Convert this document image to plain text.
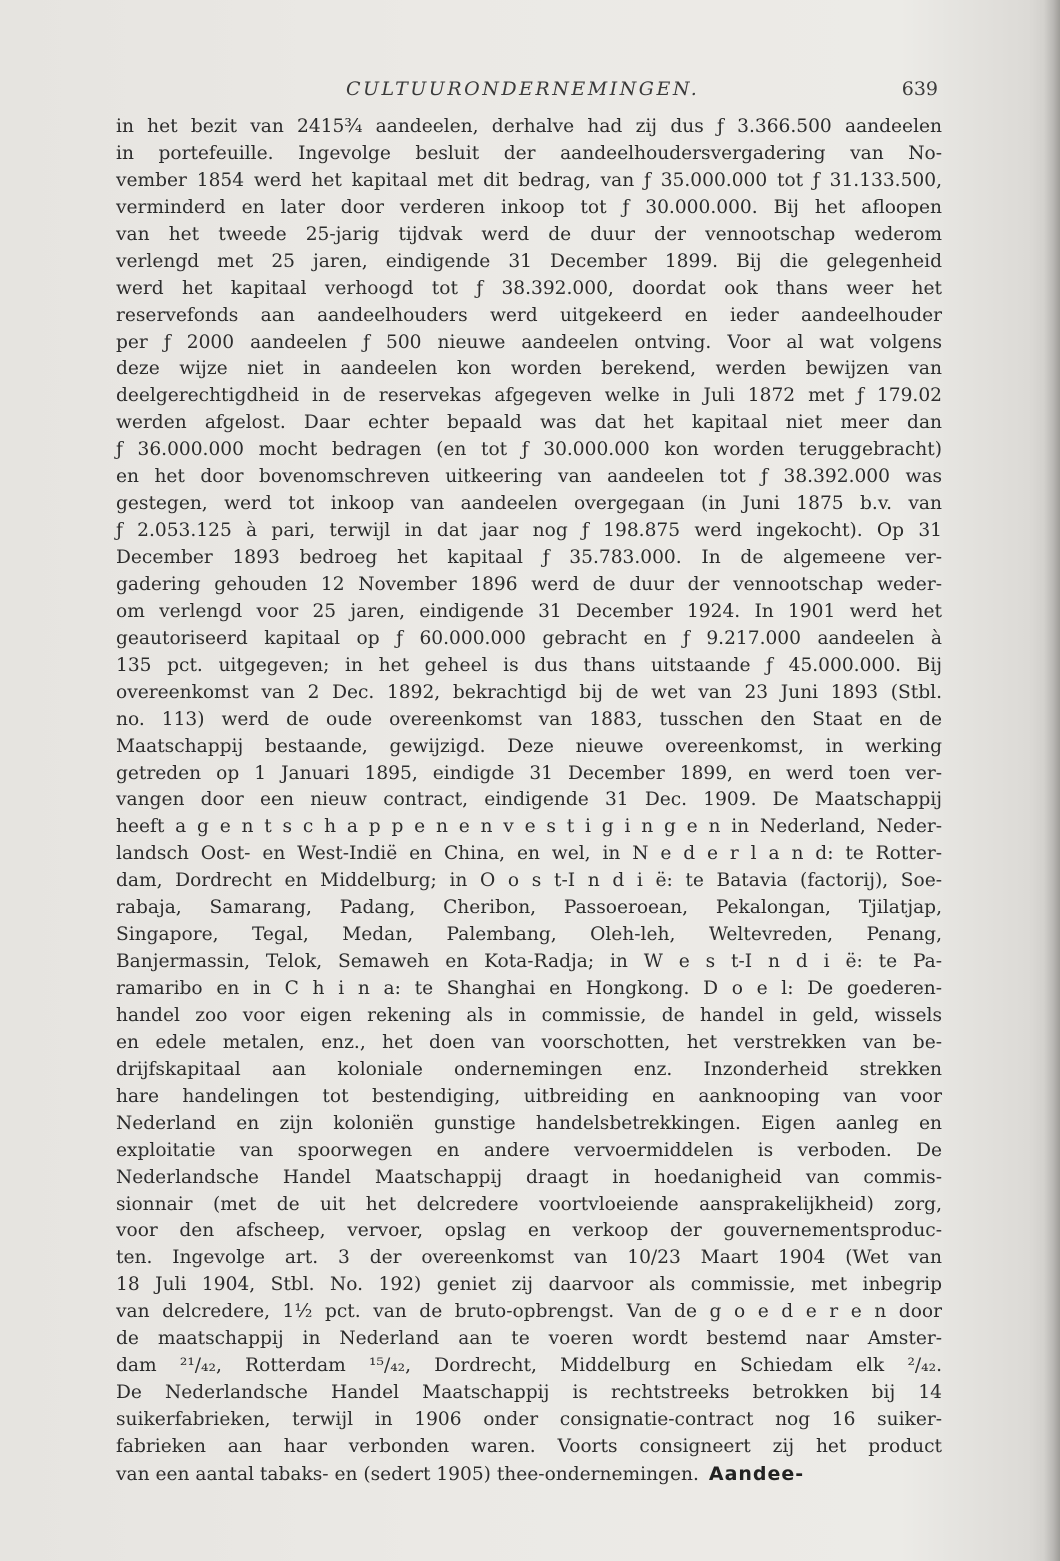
CULTUURONDERNEMINGEN.	639
in het bezit van 2415¾ aandeelen, derhalve had zij dus ƒ 3.366.500 aandeelen
in portefeuille. Ingevolge besluit der aandeelhoudersvergadering van No-
vember 1854 werd het kapitaal met dit bedrag, van ƒ 35.000.000 tot ƒ 31.133.500,
verminderd en later door verderen inkoop tot ƒ 30.000.000. Bij het afloopen
van het tweede 25-jarig tijdvak werd de duur der vennootschap wederom
verlengd met 25 jaren, eindigende 31 December 1899. Bij die gelegenheid
werd het kapitaal verhoogd tot ƒ 38.392.000, doordat ook thans weer het
reservefonds aan aandeelhouders werd uitgekeerd en ieder aandeelhouder
per ƒ 2000 aandeelen ƒ 500 nieuwe aandeelen ontving. Voor al wat volgens
deze wijze niet in aandeelen kon worden berekend, werden bewijzen van
deelgerechtigdheid in de reservekas afgegeven welke in Juli 1872 met ƒ 179.02
werden afgelost. Daar echter bepaald was dat het kapitaal niet meer dan
ƒ 36.000.000 mocht bedragen (en tot ƒ 30.000.000 kon worden teruggebracht)
en het door bovenomschreven uitkeering van aandeelen tot ƒ 38.392.000 was
gestegen, werd tot inkoop van aandeelen overgegaan (in Juni 1875 b.v. van
ƒ 2.053.125 à pari, terwijl in dat jaar nog ƒ 198.875 werd ingekocht). Op 31
December 1893 bedroeg het kapitaal ƒ 35.783.000. In de algemeene ver-
gadering gehouden 12 November 1896 werd de duur der vennootschap weder-
om verlengd voor 25 jaren, eindigende 31 December 1924. In 1901 werd het
geautoriseerd kapitaal op ƒ 60.000.000 gebracht en ƒ 9.217.000 aandeelen à
135 pct. uitgegeven; in het geheel is dus thans uitstaande ƒ 45.000.000. Bij
overeenkomst van 2 Dec. 1892, bekrachtigd bij de wet van 23 Juni 1893 (Stbl.
no. 113) werd de oude overeenkomst van 1883, tusschen den Staat en de
Maatschappij bestaande, gewijzigd. Deze nieuwe overeenkomst, in werking
getreden op 1 Januari 1895, eindigde 31 December 1899, en werd toen ver-
vangen door een nieuw contract, eindigende 31 Dec. 1909. De Maatschappij
heeft a g e n t s c h a p p e n e n v e s t i g i n g e n in Nederland, Neder-
landsch Oost- en West-Indië en China, en wel, in N e d e r l a n d: te Rotter-
dam, Dordrecht en Middelburg; in O o s t-I n d i ë: te Batavia (factorij), Soe-
rabaja, Samarang, Padang, Cheribon, Passoeroean, Pekalongan, Tjilatjap,
Singapore, Tegal, Medan, Palembang, Oleh-leh, Weltevreden, Penang,
Banjermassin, Telok, Semaweh en Kota-Radja; in W e s t-I n d i ë: te Pa-
ramaribo en in C h i n a: te Shanghai en Hongkong. D o e l: De goederen-
handel zoo voor eigen rekening als in commissie, de handel in geld, wissels
en edele metalen, enz., het doen van voorschotten, het verstrekken van be-
drijfskapitaal aan koloniale ondernemingen enz. Inzonderheid strekken
hare handelingen tot bestendiging, uitbreiding en aanknooping van voor
Nederland en zijn koloniën gunstige handelsbetrekkingen. Eigen aanleg en
exploitatie van spoorwegen en andere vervoermiddelen is verboden. De
Nederlandsche Handel Maatschappij draagt in hoedanigheid van commis-
sionnair (met de uit het delcredere voortvloeiende aansprakelijkheid) zorg,
voor den afscheep, vervoer, opslag en verkoop der gouvernementsproduc-
ten. Ingevolge art. 3 der overeenkomst van 10/23 Maart 1904 (Wet van
18 Juli 1904, Stbl. No. 192) geniet zij daarvoor als commissie, met inbegrip
van delcredere, 1½ pct. van de bruto-opbrengst. Van de g o e d e r e n door
de maatschappij in Nederland aan te voeren wordt bestemd naar Amster-
dam ²¹/₄₂, Rotterdam ¹⁵/₄₂, Dordrecht, Middelburg en Schiedam elk ²/₄₂.
De Nederlandsche Handel Maatschappij is rechtstreeks betrokken bij 14
suikerfabrieken, terwijl in 1906 onder consignatie-contract nog 16 suiker-
fabrieken aan haar verbonden waren. Voorts consigneert zij het product
van een aantal tabaks- en (sedert 1905) thee-ondernemingen. Aandee-
